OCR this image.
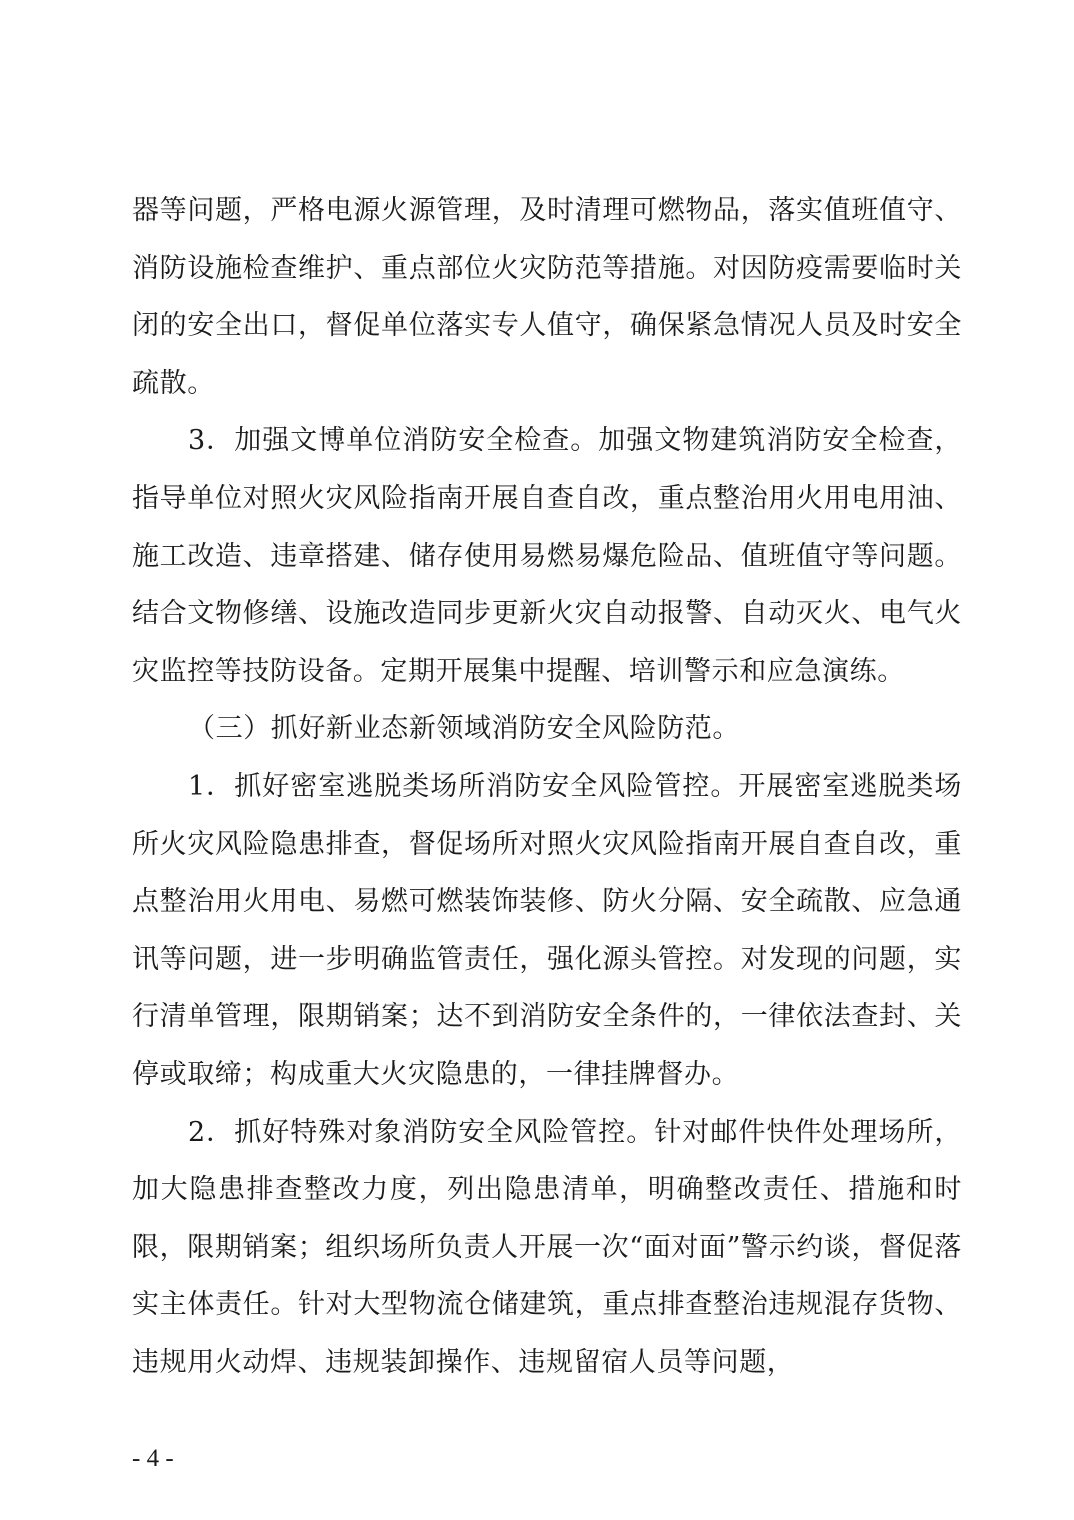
器等问题，严格电源火源管理，及时清理可燃物品，落实值班值守、消防设施检查维护、重点部位火灾防范等措施。对因防疫需要临时关闭的安全出口，督促单位落实专人值守，确保紧急情况人员及时安全疏散。

3．加强文博单位消防安全检查。加强文物建筑消防安全检查，指导单位对照火灾风险指南开展自查自改，重点整治用火用电用油、施工改造、违章搭建、储存使用易燃易爆危险品、值班值守等问题。结合文物修缮、设施改造同步更新火灾自动报警、自动灭火、电气火灾监控等技防设备。定期开展集中提醒、培训警示和应急演练。

（三）抓好新业态新领域消防安全风险防范。

1．抓好密室逃脱类场所消防安全风险管控。开展密室逃脱类场所火灾风险隐患排查，督促场所对照火灾风险指南开展自查自改，重点整治用火用电、易燃可燃装饰装修、防火分隔、安全疏散、应急通讯等问题，进一步明确监管责任，强化源头管控。对发现的问题，实行清单管理，限期销案；达不到消防安全条件的，一律依法查封、关停或取缔；构成重大火灾隐患的，一律挂牌督办。

2．抓好特殊对象消防安全风险管控。针对邮件快件处理场所，加大隐患排查整改力度，列出隐患清单，明确整改责任、措施和时限，限期销案；组织场所负责人开展一次“面对面”警示约谈，督促落实主体责任。针对大型物流仓储建筑，重点排查整治违规混存货物、违规用火动焊、违规装卸操作、违规留宿人员等问题，

- 4 -
